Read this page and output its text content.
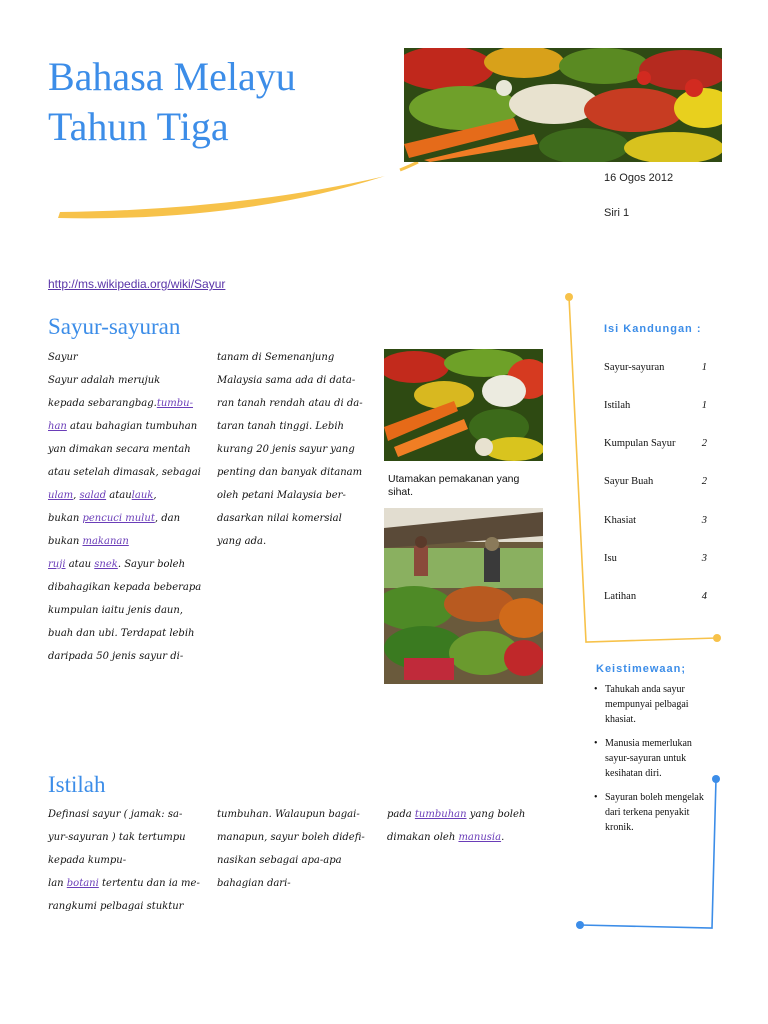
Bahasa Melayu
Tahun Tiga
16 Ogos 2012
Siri 1
http://ms.wikipedia.org/wiki/Sayur
Sayur-sayuran

Sayur

Sayur adalah merujuk

kepada sebarangbag.tumbu-

han atau bahagian tumbuhan

yan dimakan secara mentah

atau setelah dimasak, sebagai

ulam, salad ataulauk,

bukan pencuci mulut, dan

bukan makanan

ruji atau snek. Sayur boleh

dibahagikan kepada beberapa

kumpulan iaitu jenis daun,

buah dan ubi. Terdapat lebih

daripada 50 jenis sayur di-

tanam di Semenanjung

Malaysia sama ada di data-

ran tanah rendah atau di da-

taran tanah tinggi. Lebih

kurang 20 jenis sayur yang

penting dan banyak ditanam

oleh petani Malaysia ber-

dasarkan nilai komersial

yang ada.

Utamakan pemakanan yang sihat.
Istilah

Definasi sayur ( jamak: sa-

yur-sayuran ) tak tertumpu

kepada kumpu-

lan botani tertentu dan ia me-

rangkumi pelbagai stuktur

tumbuhan. Walaupun bagai-

manapun, sayur boleh didefi-

nasikan sebagai apa-apa

bahagian dari-

pada tumbuhan yang boleh

dimakan oleh manusia.

Isi Kandungan :
Sayur-sayuran	1
Istilah	1
Kumpulan Sayur	2
Sayur Buah	2
Khasiat	3
Isu	3
Latihan	4
Keistimewaan;
• Tahukah anda sayur mempunyai pelbagai khasiat.
• Manusia memerlukan sayur-sayuran untuk kesihatan diri.
• Sayuran boleh mengelak dari terkena penyakit kronik.
